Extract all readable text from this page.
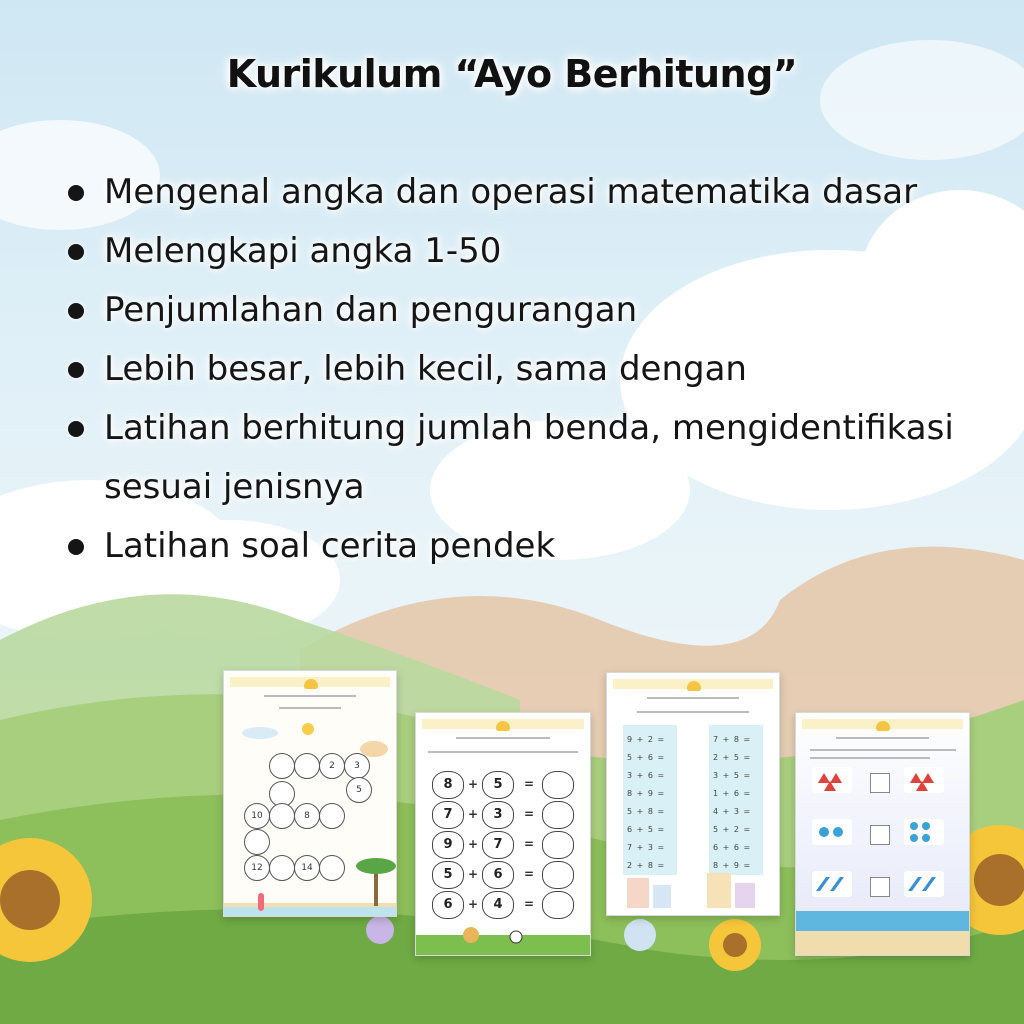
Kurikulum “Ayo Berhitung”
Mengenal angka dan operasi matematika dasar
Melengkapi angka 1-50
Penjumlahan dan pengurangan
Lebih besar, lebih kecil, sama dengan
Latihan berhitung jumlah benda, mengidentifikasi sesuai jenisnya
Latihan soal cerita pendek
2	3
5
10	8
12	14
8	+	5	=
7	+	3	=
9	+	7	=
5	+	6	=
6	+	4	=
9 + 2 =
5 + 6 =
3 + 6 =
8 + 9 =
5 + 8 =
6 + 5 =
7 + 3 =
2 + 8 =
7 + 8 =
2 + 5 =
3 + 5 =
1 + 6 =
4 + 3 =
5 + 2 =
6 + 6 =
8 + 9 =
